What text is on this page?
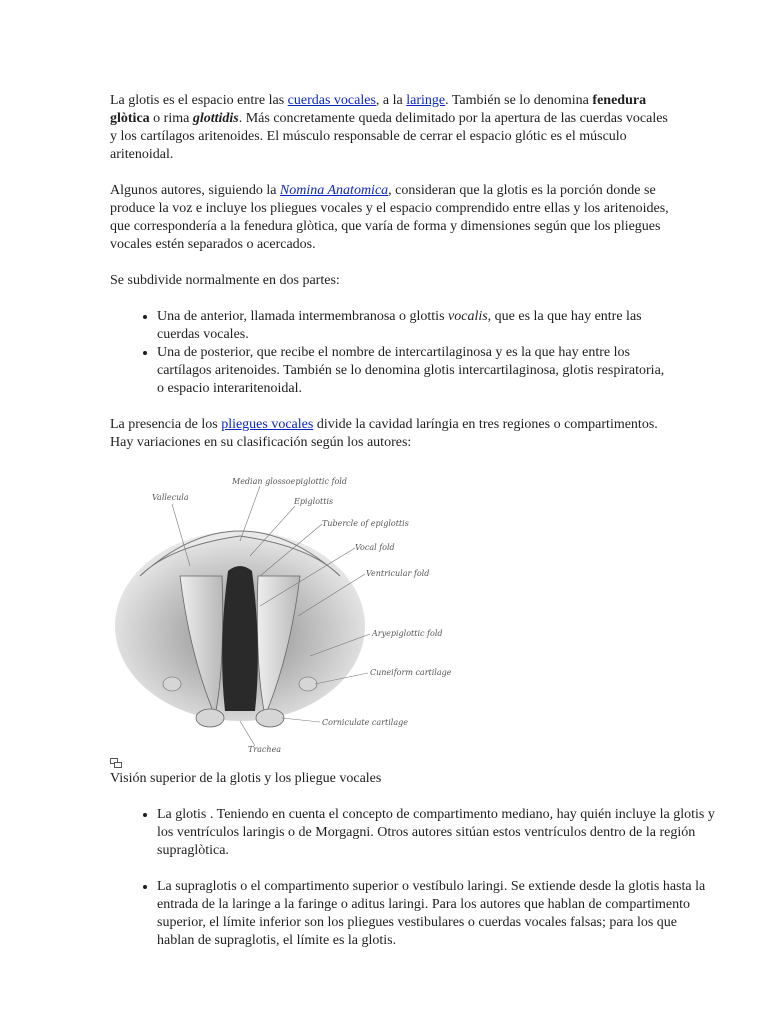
La glotis es el espacio entre las cuerdas vocales, a la laringe. También se lo denomina fenedura glòtica o rima glottidis. Más concretamente queda delimitado por la apertura de las cuerdas vocales y los cartílagos aritenoides. El músculo responsable de cerrar el espacio glótic es el músculo aritenoidal.

Algunos autores, siguiendo la Nomina Anatomica, consideran que la glotis es la porción donde se produce la voz e incluye los pliegues vocales y el espacio comprendido entre ellas y los aritenoides, que correspondería a la fenedura glòtica, que varía de forma y dimensiones según que los pliegues vocales estén separados o acercados.

Se subdivide normalmente en dos partes:

• Una de anterior, llamada intermembranosa o glottis vocalis, que es la que hay entre las cuerdas vocales.
• Una de posterior, que recibe el nombre de intercartilaginosa y es la que hay entre los cartílagos aritenoides. También se lo denomina glotis intercartilaginosa, glotis respiratoria, o espacio interaritenoidal.

La presencia de los pliegues vocales divide la cavidad laríngia en tres regiones o compartimentos. Hay variaciones en su clasificación según los autores:

Median glossoepiglottic fold
Vallecula	Epiglottis
Tubercle of epiglottis
Vocal fold
Ventricular fold
Aryepiglottic fold
Cuneiform cartilage
Corniculate cartilage
Trachea
Visión superior de la glotis y los pliegue vocales
• La glotis . Teniendo en cuenta el concepto de compartimento mediano, hay quién incluye la glotis y los ventrículos laringis o de Morgagni. Otros autores sitúan estos ventrículos dentro de la región supraglòtica.
• La supraglotis o el compartimento superior o vestíbulo laringi. Se extiende desde la glotis hasta la entrada de la laringe a la faringe o aditus laringi. Para los autores que hablan de compartimento superior, el límite inferior son los pliegues vestibulares o cuerdas vocales falsas; para los que hablan de supraglotis, el límite es la glotis.
